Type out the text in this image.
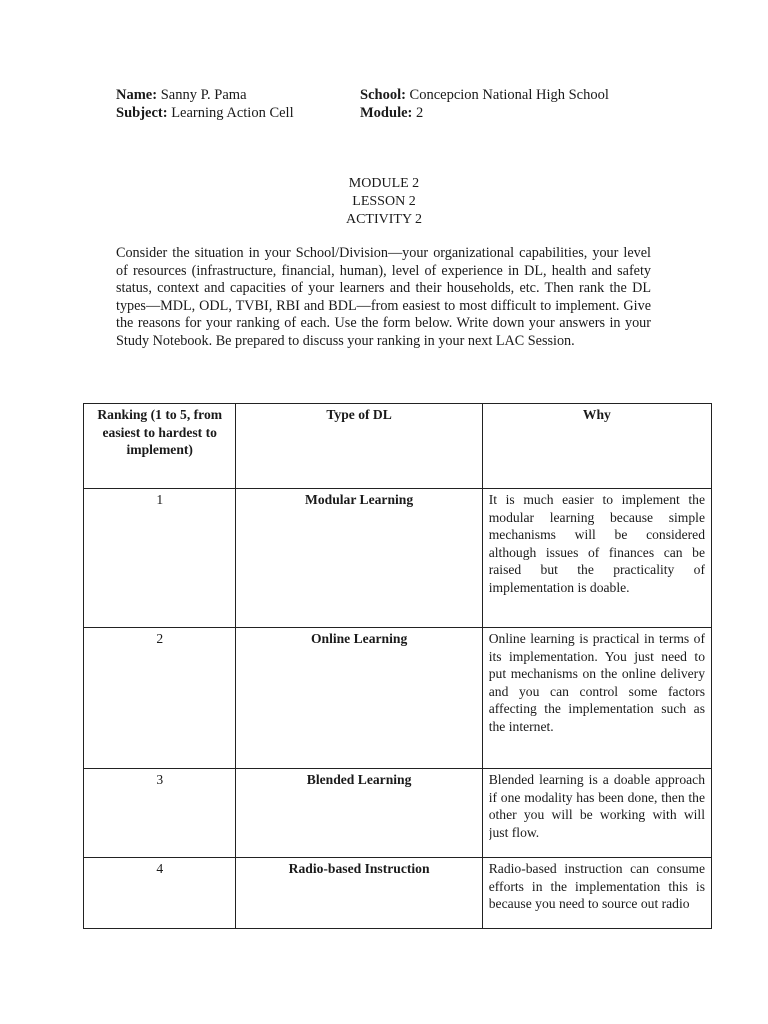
Name: Sanny P. Pama	School: Concepcion National High School
Subject: Learning Action Cell	Module: 2
MODULE 2
LESSON 2
ACTIVITY 2
Consider the situation in your School/Division—your organizational capabilities, your level of resources (infrastructure, financial, human), level of experience in DL, health and safety status, context and capacities of your learners and their households, etc. Then rank the DL types—MDL, ODL, TVBI, RBI and BDL—from easiest to most difficult to implement. Give the reasons for your ranking of each. Use the form below. Write down your answers in your Study Notebook. Be prepared to discuss your ranking in your next LAC Session.
Ranking (1 to 5, from easiest to hardest to implement)	Type of DL	Why
1	Modular Learning	It is much easier to implement the modular learning because simple mechanisms will be considered although issues of finances can be raised but the practicality of implementation is doable.

2	Online Learning	Online learning is practical in terms of its implementation. You just need to put mechanisms on the online delivery and you can control some factors affecting the implementation such as the internet.

3	Blended Learning	Blended learning is a doable approach if one modality has been done, then the other you will be working with will just flow.

4	Radio-based Instruction	Radio-based instruction can consume efforts in the implementation this is because you need to source out radio
